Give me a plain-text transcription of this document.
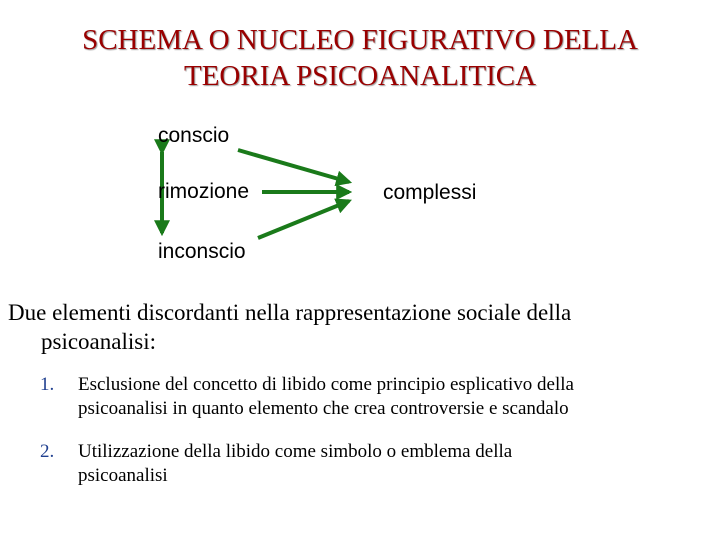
SCHEMA O NUCLEO FIGURATIVO DELLA
TEORIA PSICOANALITICA
conscio
rimozione	complessi
inconscio
Due elementi discordanti nella rappresentazione sociale della
psicoanalisi:
1.	Esclusione del concetto di libido come principio esplicativo della
psicoanalisi in quanto elemento che crea controversie e scandalo
2.	Utilizzazione della libido come simbolo o emblema della
psicoanalisi
